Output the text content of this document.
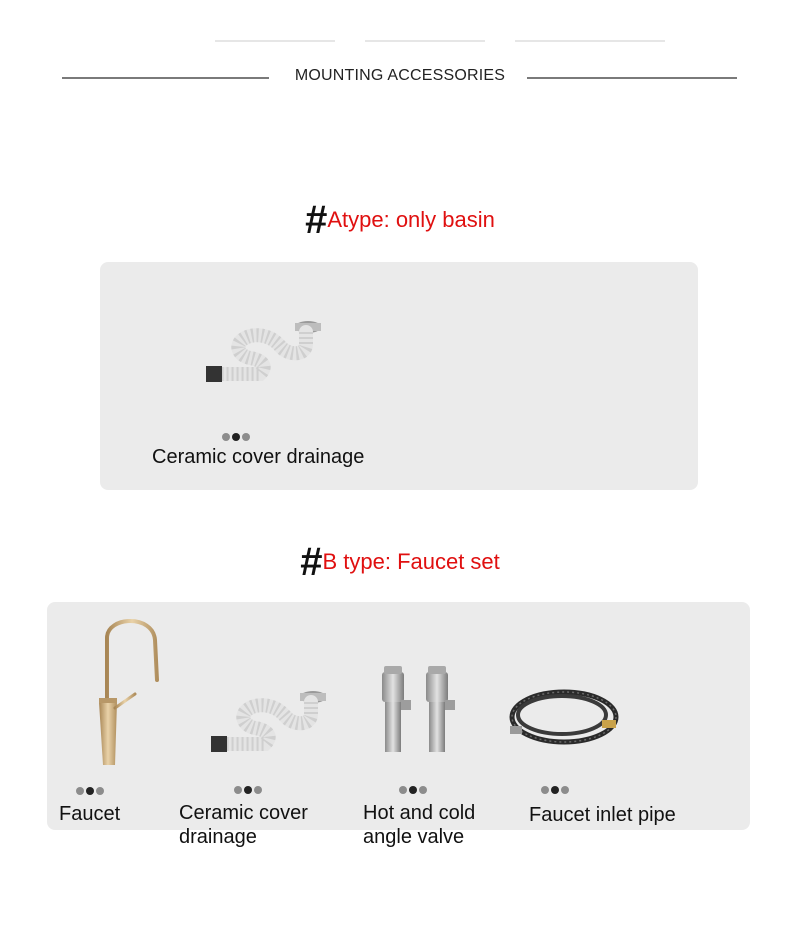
MOUNTING ACCESSORIES
#Atype: only basin
Ceramic cover drainage
#B type: Faucet set
Faucet	Ceramic cover
drainage
Hot and cold
angle valve
Faucet inlet pipe
